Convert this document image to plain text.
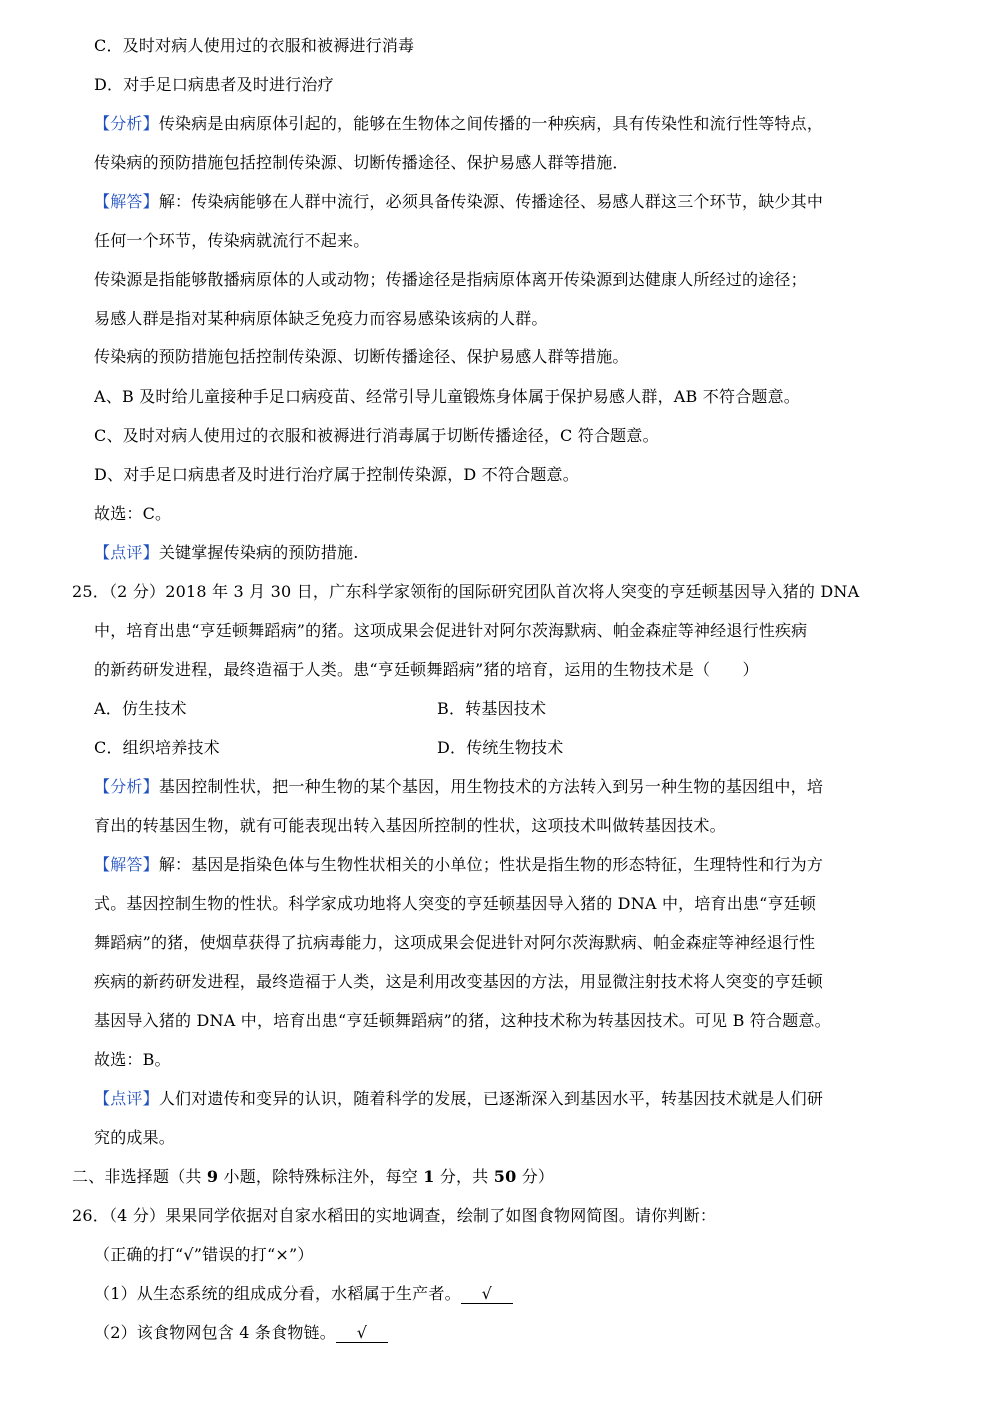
C．及时对病人使用过的衣服和被褥进行消毒
D．对手足口病患者及时进行治疗
【分析】传染病是由病原体引起的，能够在生物体之间传播的一种疾病，具有传染性和流行性等特点，
传染病的预防措施包括控制传染源、切断传播途径、保护易感人群等措施．
【解答】解：传染病能够在人群中流行，必须具备传染源、传播途径、易感人群这三个环节，缺少其中
任何一个环节，传染病就流行不起来。
传染源是指能够散播病原体的人或动物；传播途径是指病原体离开传染源到达健康人所经过的途径；
易感人群是指对某种病原体缺乏免疫力而容易感染该病的人群。
传染病的预防措施包括控制传染源、切断传播途径、保护易感人群等措施。
A、B 及时给儿童接种手足口病疫苗、经常引导儿童锻炼身体属于保护易感人群，AB 不符合题意。
C、及时对病人使用过的衣服和被褥进行消毒属于切断传播途径，C 符合题意。
D、对手足口病患者及时进行治疗属于控制传染源，D 不符合题意。
故选：C。
【点评】关键掌握传染病的预防措施.
25．（2 分）2018 年 3 月 30 日，广东科学家领衔的国际研究团队首次将人突变的亨廷顿基因导入猪的 DNA
中，培育出患“亨廷顿舞蹈病”的猪。这项成果会促进针对阿尔茨海默病、帕金森症等神经退行性疾病
的新药研发进程，最终造福于人类。患“亨廷顿舞蹈病”猪的培育，运用的生物技术是（　　）
A．仿生技术	B．转基因技术
C．组织培养技术	D．传统生物技术
【分析】基因控制性状，把一种生物的某个基因，用生物技术的方法转入到另一种生物的基因组中，培
育出的转基因生物，就有可能表现出转入基因所控制的性状，这项技术叫做转基因技术。
【解答】解：基因是指染色体与生物性状相关的小单位；性状是指生物的形态特征，生理特性和行为方
式。基因控制生物的性状。科学家成功地将人突变的亨廷顿基因导入猪的 DNA 中，培育出患“亨廷顿
舞蹈病”的猪，使烟草获得了抗病毒能力，这项成果会促进针对阿尔茨海默病、帕金森症等神经退行性
疾病的新药研发进程，最终造福于人类，这是利用改变基因的方法，用显微注射技术将人突变的亨廷顿
基因导入猪的 DNA 中，培育出患“亨廷顿舞蹈病”的猪，这种技术称为转基因技术。可见 B 符合题意。
故选：B。
【点评】人们对遗传和变异的认识，随着科学的发展，已逐渐深入到基因水平，转基因技术就是人们研
究的成果。
二、非选择题（共 9 小题，除特殊标注外，每空 1 分，共 50 分）
26．（4 分）果果同学依据对自家水稻田的实地调查，绘制了如图食物网简图。请你判断：
（正确的打“√”错误的打“×”）
（1）从生态系统的组成成分看，水稻属于生产者。 √
（2）该食物网包含 4 条食物链。 √
